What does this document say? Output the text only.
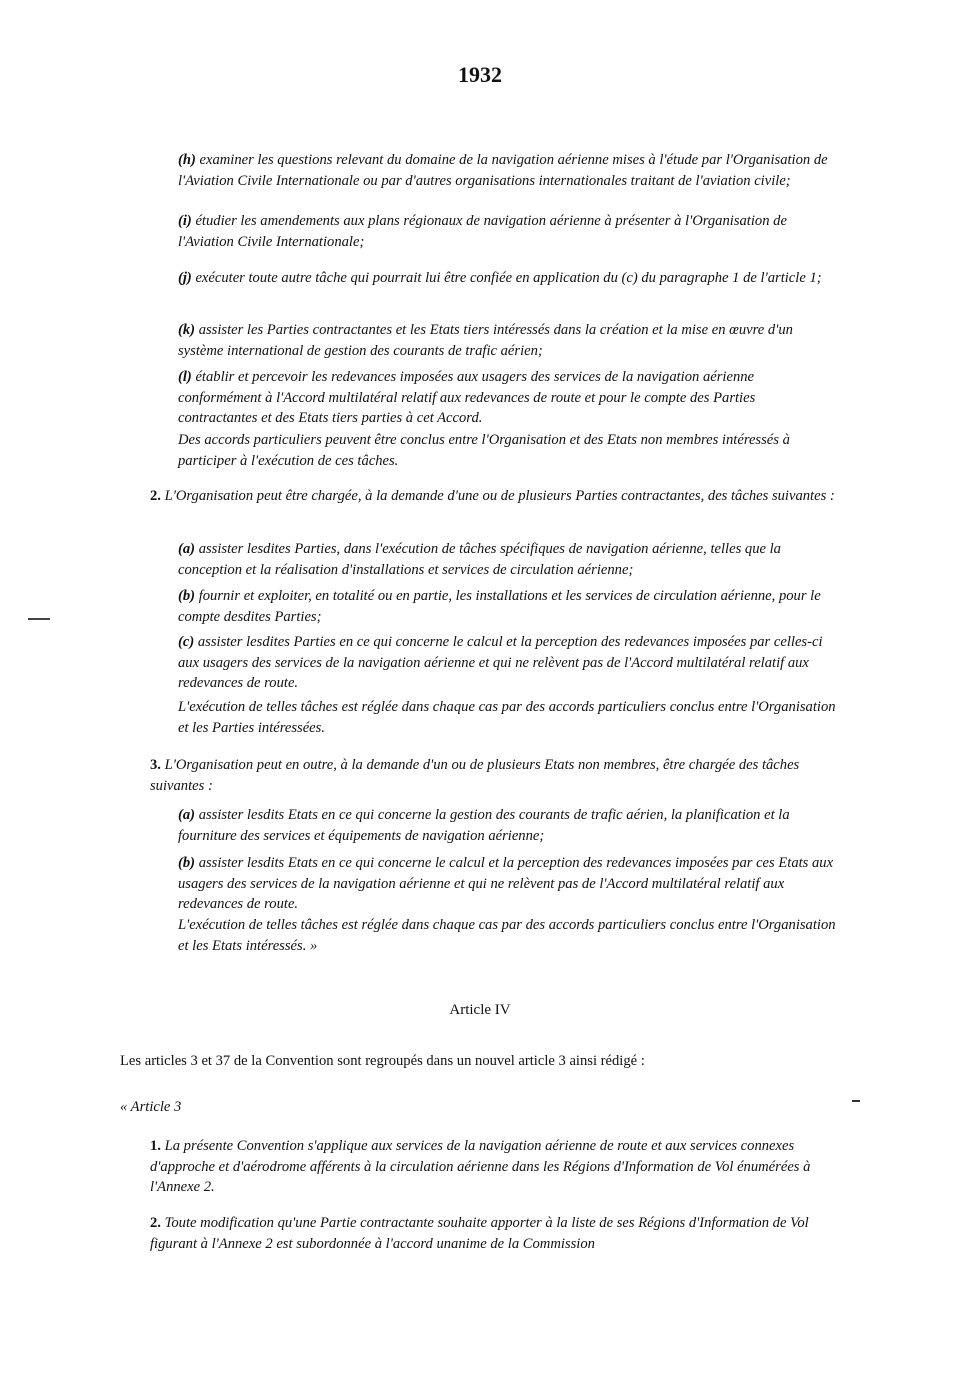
1932

(h) examiner les questions relevant du domaine de la navigation aérienne mises à l'étude par l'Organisation de l'Aviation Civile Internationale ou par d'autres organisations internationales traitant de l'aviation civile;

(i) étudier les amendements aux plans régionaux de navigation aérienne à présenter à l'Organisation de l'Aviation Civile Internationale;

(j) exécuter toute autre tâche qui pourrait lui être confiée en application du (c) du paragraphe 1 de l'article 1;

(k) assister les Parties contractantes et les Etats tiers intéressés dans la création et la mise en œuvre d'un système international de gestion des courants de trafic aérien;

(l) établir et percevoir les redevances imposées aux usagers des services de la navigation aérienne conformément à l'Accord multilatéral relatif aux redevances de route et pour le compte des Parties contractantes et des Etats tiers parties à cet Accord.

Des accords particuliers peuvent être conclus entre l'Organisation et des Etats non membres intéressés à participer à l'exécution de ces tâches.

2. L'Organisation peut être chargée, à la demande d'une ou de plusieurs Parties contractantes, des tâches suivantes :

(a) assister lesdites Parties, dans l'exécution de tâches spécifiques de navigation aérienne, telles que la conception et la réalisation d'installations et services de circulation aérienne;

(b) fournir et exploiter, en totalité ou en partie, les installations et les services de circulation aérienne, pour le compte desdites Parties;

(c) assister lesdites Parties en ce qui concerne le calcul et la perception des redevances imposées par celles-ci aux usagers des services de la navigation aérienne et qui ne relèvent pas de l'Accord multilatéral relatif aux redevances de route.

L'exécution de telles tâches est réglée dans chaque cas par des accords particuliers conclus entre l'Organisation et les Parties intéressées.

3. L'Organisation peut en outre, à la demande d'un ou de plusieurs Etats non membres, être chargée des tâches suivantes :

(a) assister lesdits Etats en ce qui concerne la gestion des courants de trafic aérien, la planification et la fourniture des services et équipements de navigation aérienne;

(b) assister lesdits Etats en ce qui concerne le calcul et la perception des redevances imposées par ces Etats aux usagers des services de la navigation aérienne et qui ne relèvent pas de l'Accord multilatéral relatif aux redevances de route.

L'exécution de telles tâches est réglée dans chaque cas par des accords particuliers conclus entre l'Organisation et les Etats intéressés. »

Article IV

Les articles 3 et 37 de la Convention sont regroupés dans un nouvel article 3 ainsi rédigé :

« Article 3

1. La présente Convention s'applique aux services de la navigation aérienne de route et aux services connexes d'approche et d'aérodrome afférents à la circulation aérienne dans les Régions d'Information de Vol énumérées à l'Annexe 2.

2. Toute modification qu'une Partie contractante souhaite apporter à la liste de ses Régions d'Information de Vol figurant à l'Annexe 2 est subordonnée à l'accord unanime de la Commission
